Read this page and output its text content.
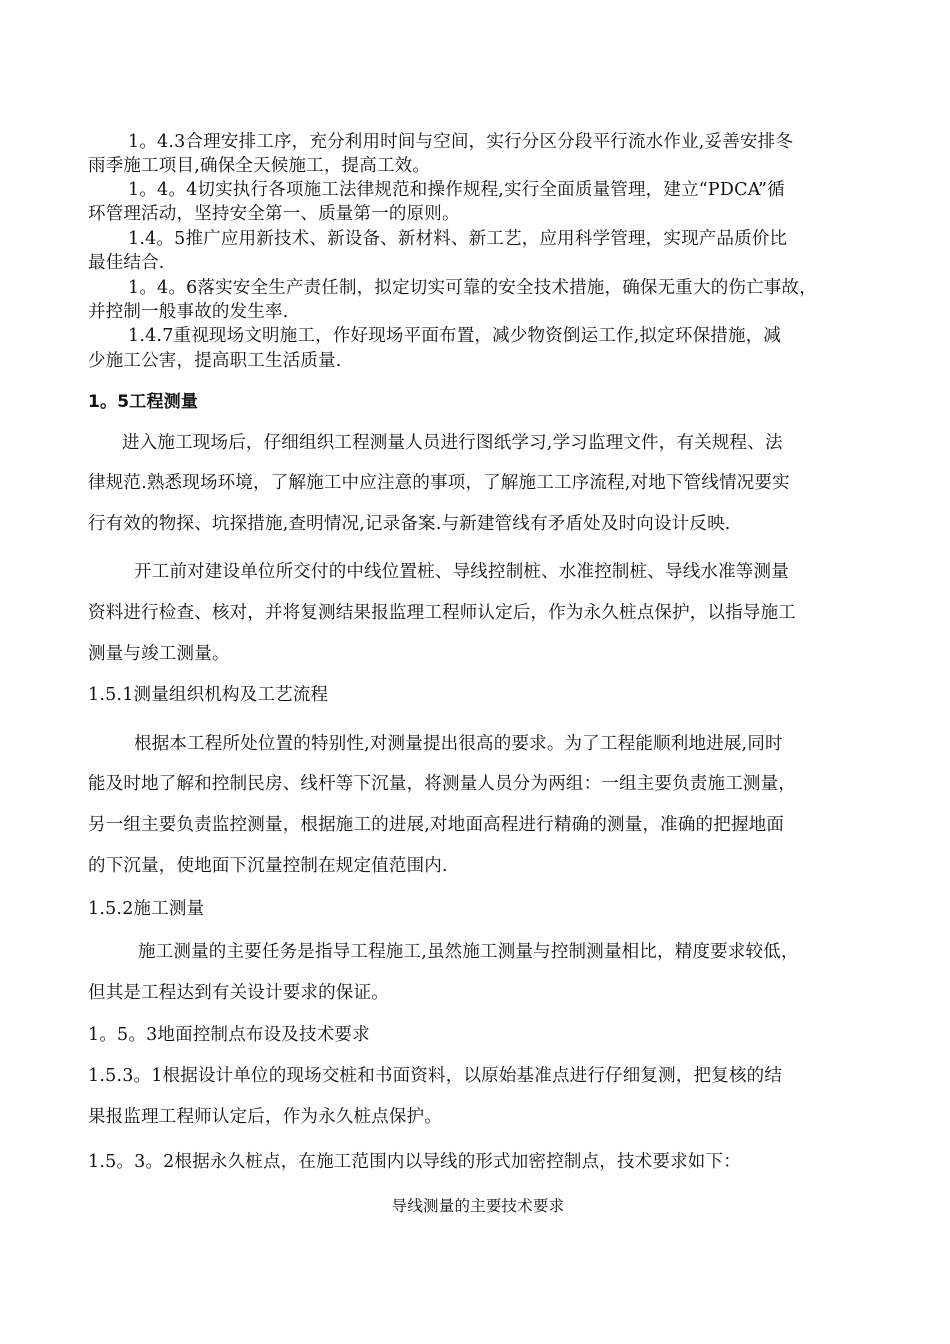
1。4.3合理安排工序，充分利用时间与空间，实行分区分段平行流水作业,妥善安排冬
雨季施工项目,确保全天候施工，提高工效。
1。4。4切实执行各项施工法律规范和操作规程,实行全面质量管理，建立“PDCA”循
环管理活动，坚持安全第一、质量第一的原则。
1.4。5推广应用新技术、新设备、新材料、新工艺，应用科学管理，实现产品质价比
最佳结合.
1。4。6落实安全生产责任制，拟定切实可靠的安全技术措施，确保无重大的伤亡事故，
并控制一般事故的发生率.
1.4.7重视现场文明施工，作好现场平面布置，减少物资倒运工作,拟定环保措施，减
少施工公害，提高职工生活质量.
1。5工程测量
进入施工现场后，仔细组织工程测量人员进行图纸学习,学习监理文件，有关规程、法
律规范.熟悉现场环境，了解施工中应注意的事项，了解施工工序流程,对地下管线情况要实
行有效的物探、坑探措施,查明情况,记录备案.与新建管线有矛盾处及时向设计反映.
开工前对建设单位所交付的中线位置桩、导线控制桩、水准控制桩、导线水准等测量
资料进行检查、核对，并将复测结果报监理工程师认定后，作为永久桩点保护，以指导施工
测量与竣工测量。
1.5.1测量组织机构及工艺流程
根据本工程所处位置的特别性,对测量提出很高的要求。为了工程能顺利地进展,同时
能及时地了解和控制民房、线杆等下沉量，将测量人员分为两组：一组主要负责施工测量，
另一组主要负责监控测量，根据施工的进展,对地面高程进行精确的测量，准确的把握地面
的下沉量，使地面下沉量控制在规定值范围内.
1.5.2施工测量
施工测量的主要任务是指导工程施工,虽然施工测量与控制测量相比，精度要求较低，
但其是工程达到有关设计要求的保证。
1。5。3地面控制点布设及技术要求
1.5.3。1根据设计单位的现场交桩和书面资料，以原始基准点进行仔细复测，把复核的结
果报监理工程师认定后，作为永久桩点保护。
1.5。3。2根据永久桩点，在施工范围内以导线的形式加密控制点，技术要求如下：
导线测量的主要技术要求
